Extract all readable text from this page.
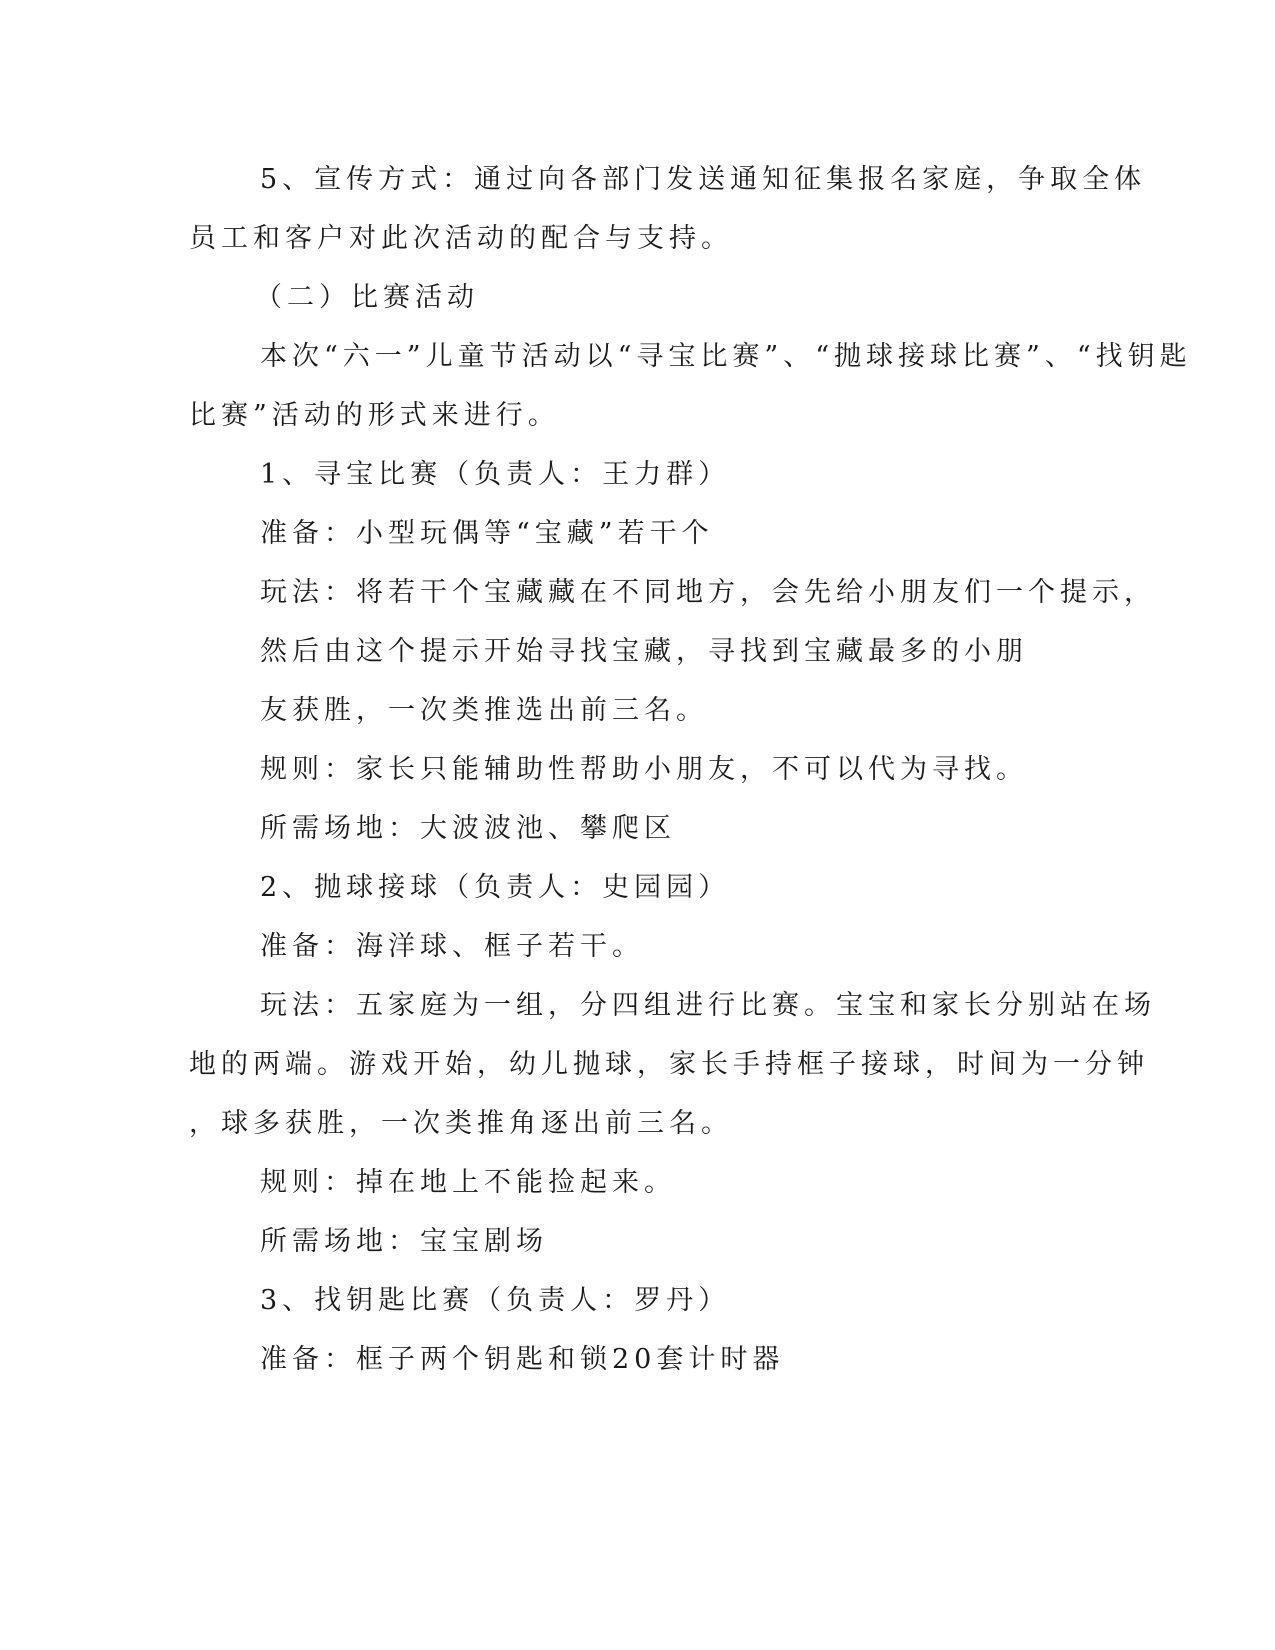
5、宣传方式：通过向各部门发送通知征集报名家庭，争取全体
员工和客户对此次活动的配合与支持。
（二）比赛活动
本次“六一”儿童节活动以“寻宝比赛”、“抛球接球比赛”、“找钥匙
比赛”活动的形式来进行。
1、寻宝比赛（负责人：王力群）
准备：小型玩偶等“宝藏”若干个
玩法：将若干个宝藏藏在不同地方，会先给小朋友们一个提示，
然后由这个提示开始寻找宝藏，寻找到宝藏最多的小朋
友获胜，一次类推选出前三名。
规则：家长只能辅助性帮助小朋友，不可以代为寻找。
所需场地：大波波池、攀爬区
2、抛球接球（负责人：史园园）
准备：海洋球、框子若干。
玩法：五家庭为一组，分四组进行比赛。宝宝和家长分别站在场
地的两端。游戏开始，幼儿抛球，家长手持框子接球，时间为一分钟
，球多获胜，一次类推角逐出前三名。
规则：掉在地上不能捡起来。
所需场地：宝宝剧场
3、找钥匙比赛（负责人：罗丹）
准备：框子两个钥匙和锁20套计时器
